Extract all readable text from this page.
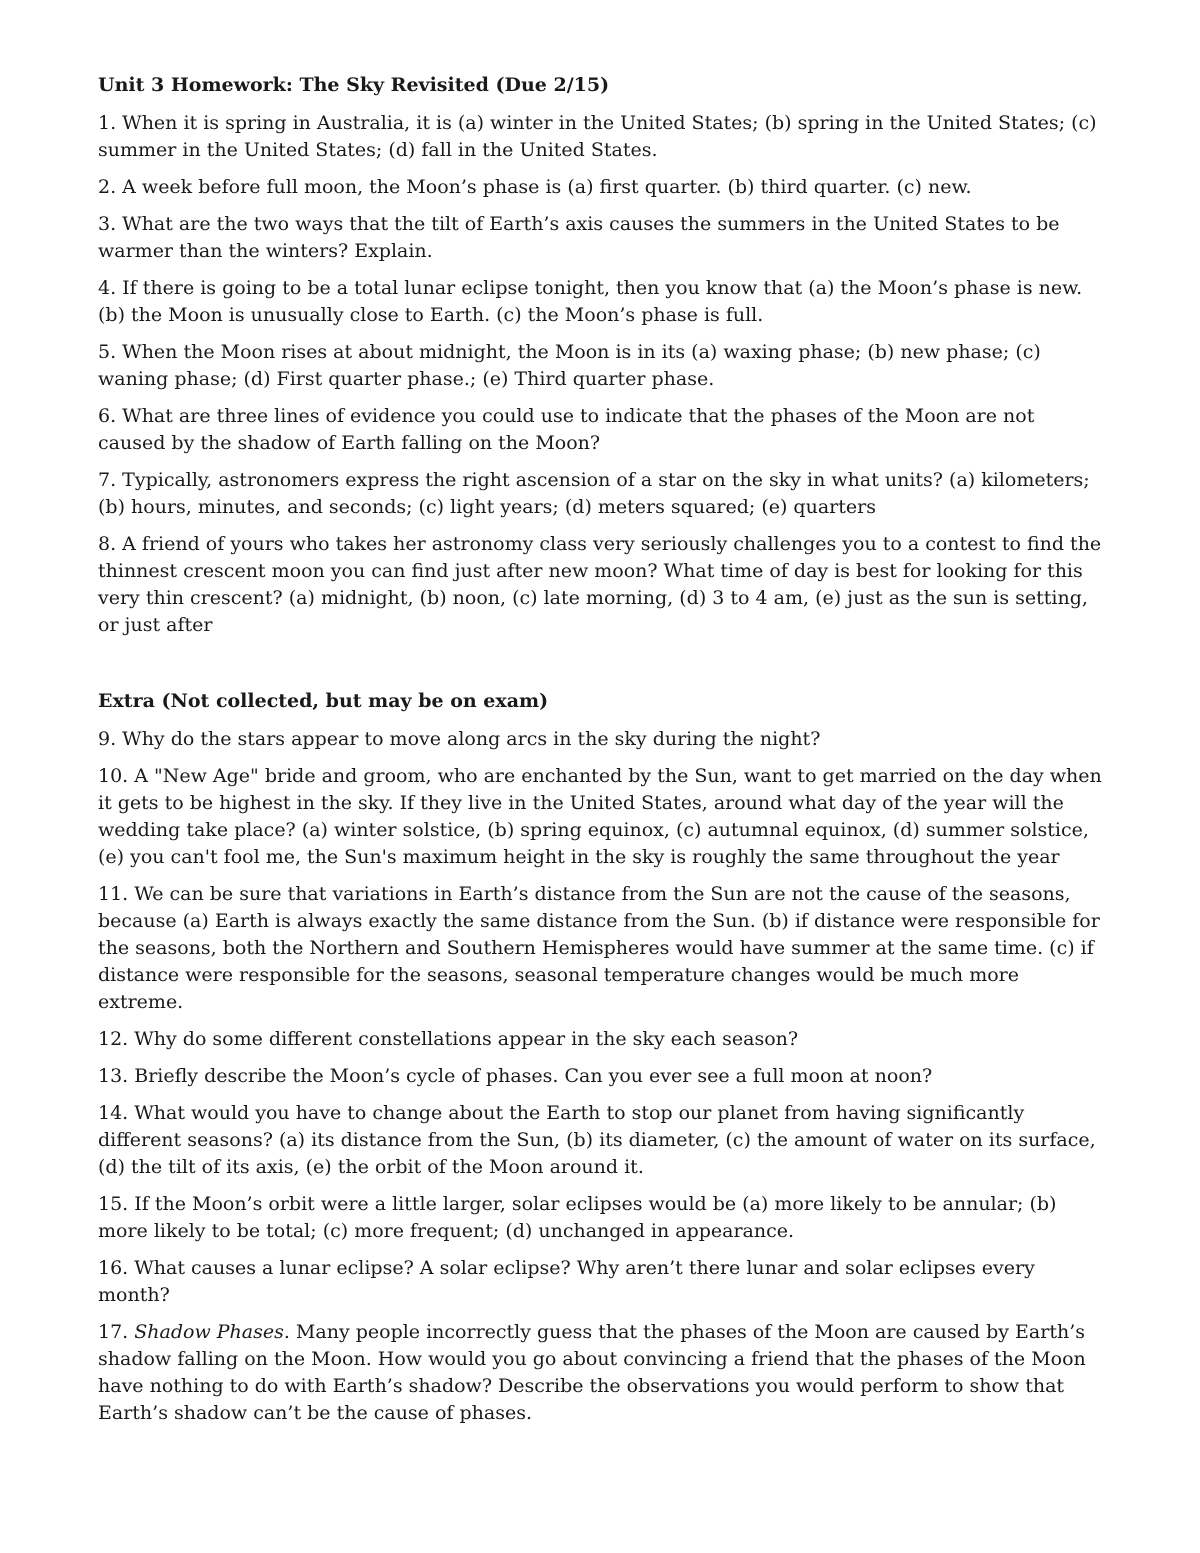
Unit 3 Homework: The Sky Revisited (Due 2/15)

1. When it is spring in Australia, it is (a) winter in the United States; (b) spring in the United States; (c) summer in the United States; (d) fall in the United States.

2. A week before full moon, the Moon’s phase is (a) first quarter. (b) third quarter. (c) new.

3. What are the two ways that the tilt of Earth’s axis causes the summers in the United States to be warmer than the winters? Explain.

4. If there is going to be a total lunar eclipse tonight, then you know that (a) the Moon’s phase is new. (b) the Moon is unusually close to Earth. (c) the Moon’s phase is full.

5. When the Moon rises at about midnight, the Moon is in its (a) waxing phase; (b) new phase; (c) waning phase; (d) First quarter phase.; (e) Third quarter phase.

6. What are three lines of evidence you could use to indicate that the phases of the Moon are not caused by the shadow of Earth falling on the Moon?

7. Typically, astronomers express the right ascension of a star on the sky in what units? (a) kilometers; (b) hours, minutes, and seconds; (c) light years; (d) meters squared; (e) quarters

8. A friend of yours who takes her astronomy class very seriously challenges you to a contest to find the thinnest crescent moon you can find just after new moon? What time of day is best for looking for this very thin crescent? (a) midnight, (b) noon, (c) late morning, (d) 3 to 4 am, (e) just as the sun is setting, or just after

Extra (Not collected, but may be on exam)

9. Why do the stars appear to move along arcs in the sky during the night?

10. A "New Age" bride and groom, who are enchanted by the Sun, want to get married on the day when it gets to be highest in the sky. If they live in the United States, around what day of the year will the wedding take place? (a) winter solstice, (b) spring equinox, (c) autumnal equinox, (d) summer solstice, (e) you can't fool me, the Sun's maximum height in the sky is roughly the same throughout the year

11. We can be sure that variations in Earth’s distance from the Sun are not the cause of the seasons, because (a) Earth is always exactly the same distance from the Sun. (b) if distance were responsible for the seasons, both the Northern and Southern Hemispheres would have summer at the same time. (c) if distance were responsible for the seasons, seasonal temperature changes would be much more extreme.

12. Why do some different constellations appear in the sky each season?

13. Briefly describe the Moon’s cycle of phases. Can you ever see a full moon at noon?

14. What would you have to change about the Earth to stop our planet from having significantly different seasons? (a) its distance from the Sun, (b) its diameter, (c) the amount of water on its surface, (d) the tilt of its axis, (e) the orbit of the Moon around it.

15. If the Moon’s orbit were a little larger, solar eclipses would be (a) more likely to be annular; (b) more likely to be total; (c) more frequent; (d) unchanged in appearance.

16. What causes a lunar eclipse? A solar eclipse? Why aren’t there lunar and solar eclipses every month?

17. Shadow Phases. Many people incorrectly guess that the phases of the Moon are caused by Earth’s shadow falling on the Moon. How would you go about convincing a friend that the phases of the Moon have nothing to do with Earth’s shadow? Describe the observations you would perform to show that Earth’s shadow can’t be the cause of phases.
